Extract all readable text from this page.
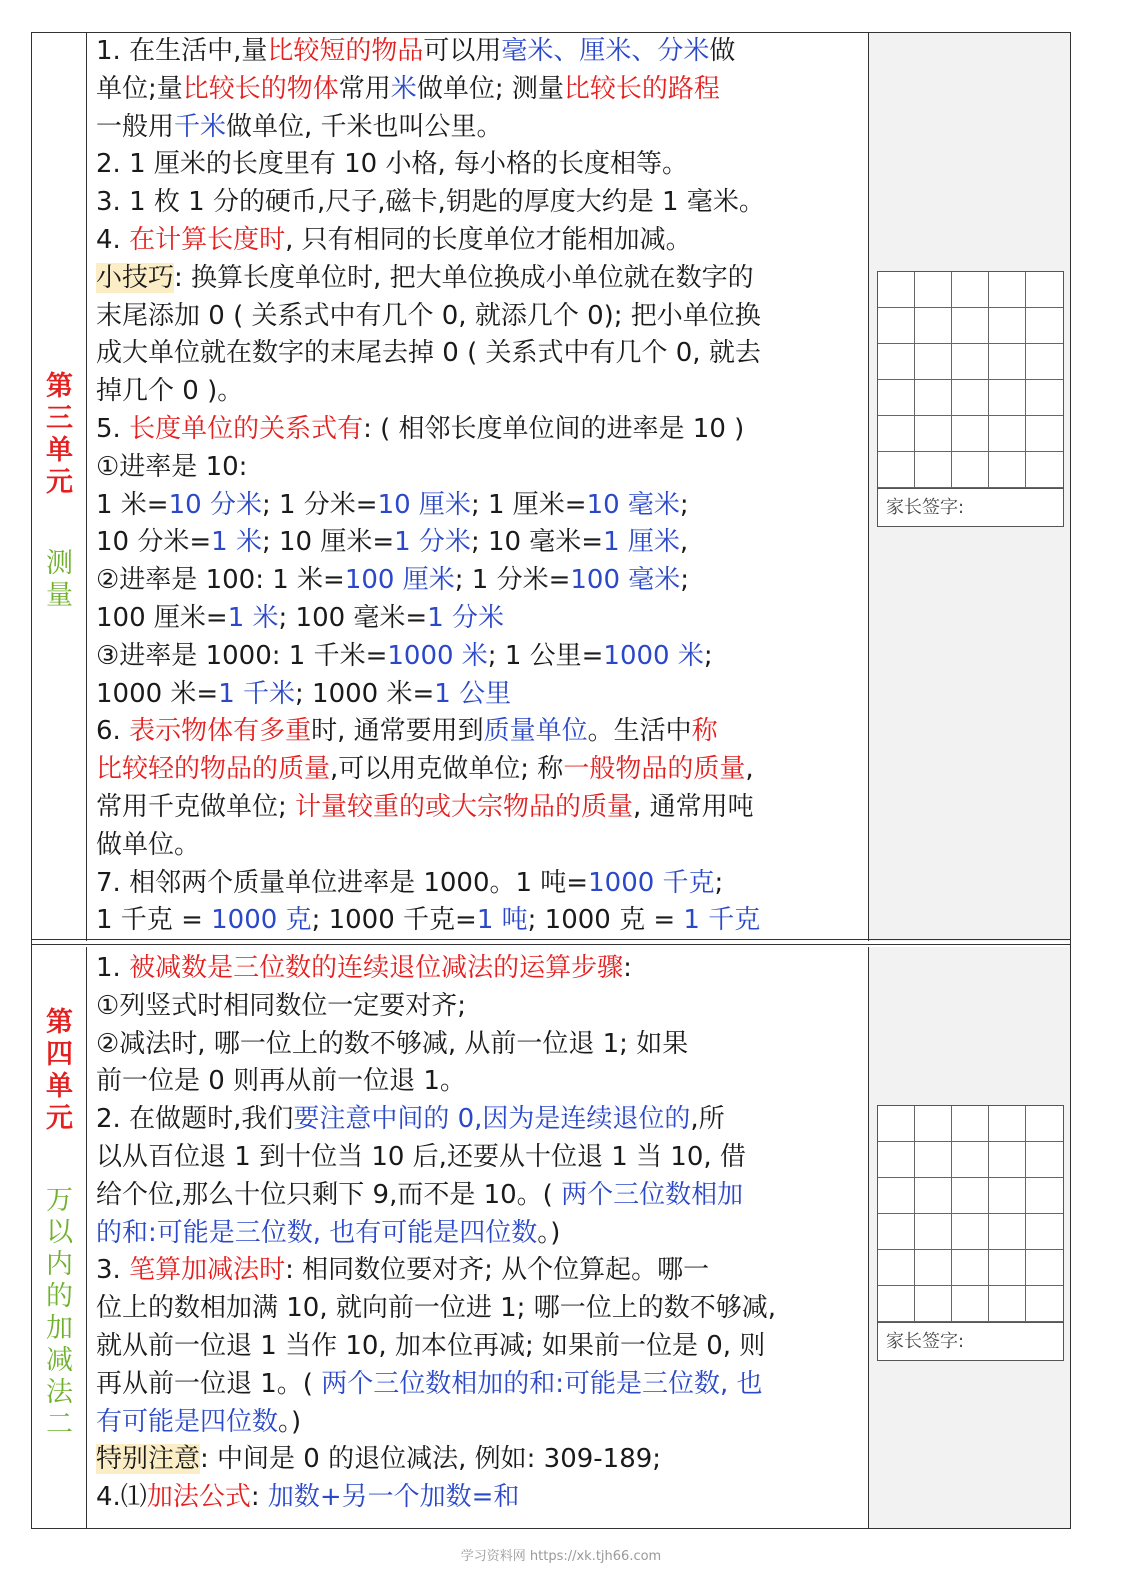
第
三
单
元
测
量
1. 在生活中,量比较短的物品可以用毫米、厘米、分米做
单位;量比较长的物体常用米做单位; 测量比较长的路程
一般用千米做单位, 千米也叫公里。
2. 1 厘米的长度里有 10 小格, 每小格的长度相等。
3. 1 枚 1 分的硬币,尺子,磁卡,钥匙的厚度大约是 1 毫米。
4. 在计算长度时, 只有相同的长度单位才能相加减。
小技巧: 换算长度单位时, 把大单位换成小单位就在数字的
末尾添加 0 ( 关系式中有几个 0, 就添几个 0); 把小单位换
成大单位就在数字的末尾去掉 0 ( 关系式中有几个 0, 就去
掉几个 0 )。
5. 长度单位的关系式有: ( 相邻长度单位间的进率是 10 )
①进率是 10:
1 米=10 分米; 1 分米=10 厘米; 1 厘米=10 毫米;
10 分米=1 米; 10 厘米=1 分米; 10 毫米=1 厘米,
②进率是 100: 1 米=100 厘米; 1 分米=100 毫米;
100 厘米=1 米; 100 毫米=1 分米
③进率是 1000: 1 千米=1000 米; 1 公里=1000 米;
1000 米=1 千米; 1000 米=1 公里
6. 表示物体有多重时, 通常要用到质量单位。生活中称
比较轻的物品的质量,可以用克做单位; 称一般物品的质量,
常用千克做单位; 计量较重的或大宗物品的质量, 通常用吨
做单位。
7. 相邻两个质量单位进率是 1000。1 吨=1000 千克;
1 千克 = 1000 克; 1000 千克=1 吨; 1000 克 = 1 千克
家长签字:
第
四
单
元
万
以
内
的
加
减
法
二
1. 被减数是三位数的连续退位减法的运算步骤:
①列竖式时相同数位一定要对齐;
②减法时, 哪一位上的数不够减, 从前一位退 1; 如果
前一位是 0 则再从前一位退 1。
2. 在做题时,我们要注意中间的 0,因为是连续退位的,所
以从百位退 1 到十位当 10 后,还要从十位退 1 当 10, 借
给个位,那么十位只剩下 9,而不是 10。( 两个三位数相加
的和:可能是三位数, 也有可能是四位数。)
3. 笔算加减法时: 相同数位要对齐; 从个位算起。哪一
位上的数相加满 10, 就向前一位进 1; 哪一位上的数不够减,
就从前一位退 1 当作 10, 加本位再减; 如果前一位是 0, 则
再从前一位退 1。( 两个三位数相加的和:可能是三位数, 也
有可能是四位数。)
特别注意: 中间是 0 的退位减法, 例如: 309-189;
4.⑴加法公式: 加数+另一个加数=和
家长签字:
学习资料网 https://xk.tjh66.com
